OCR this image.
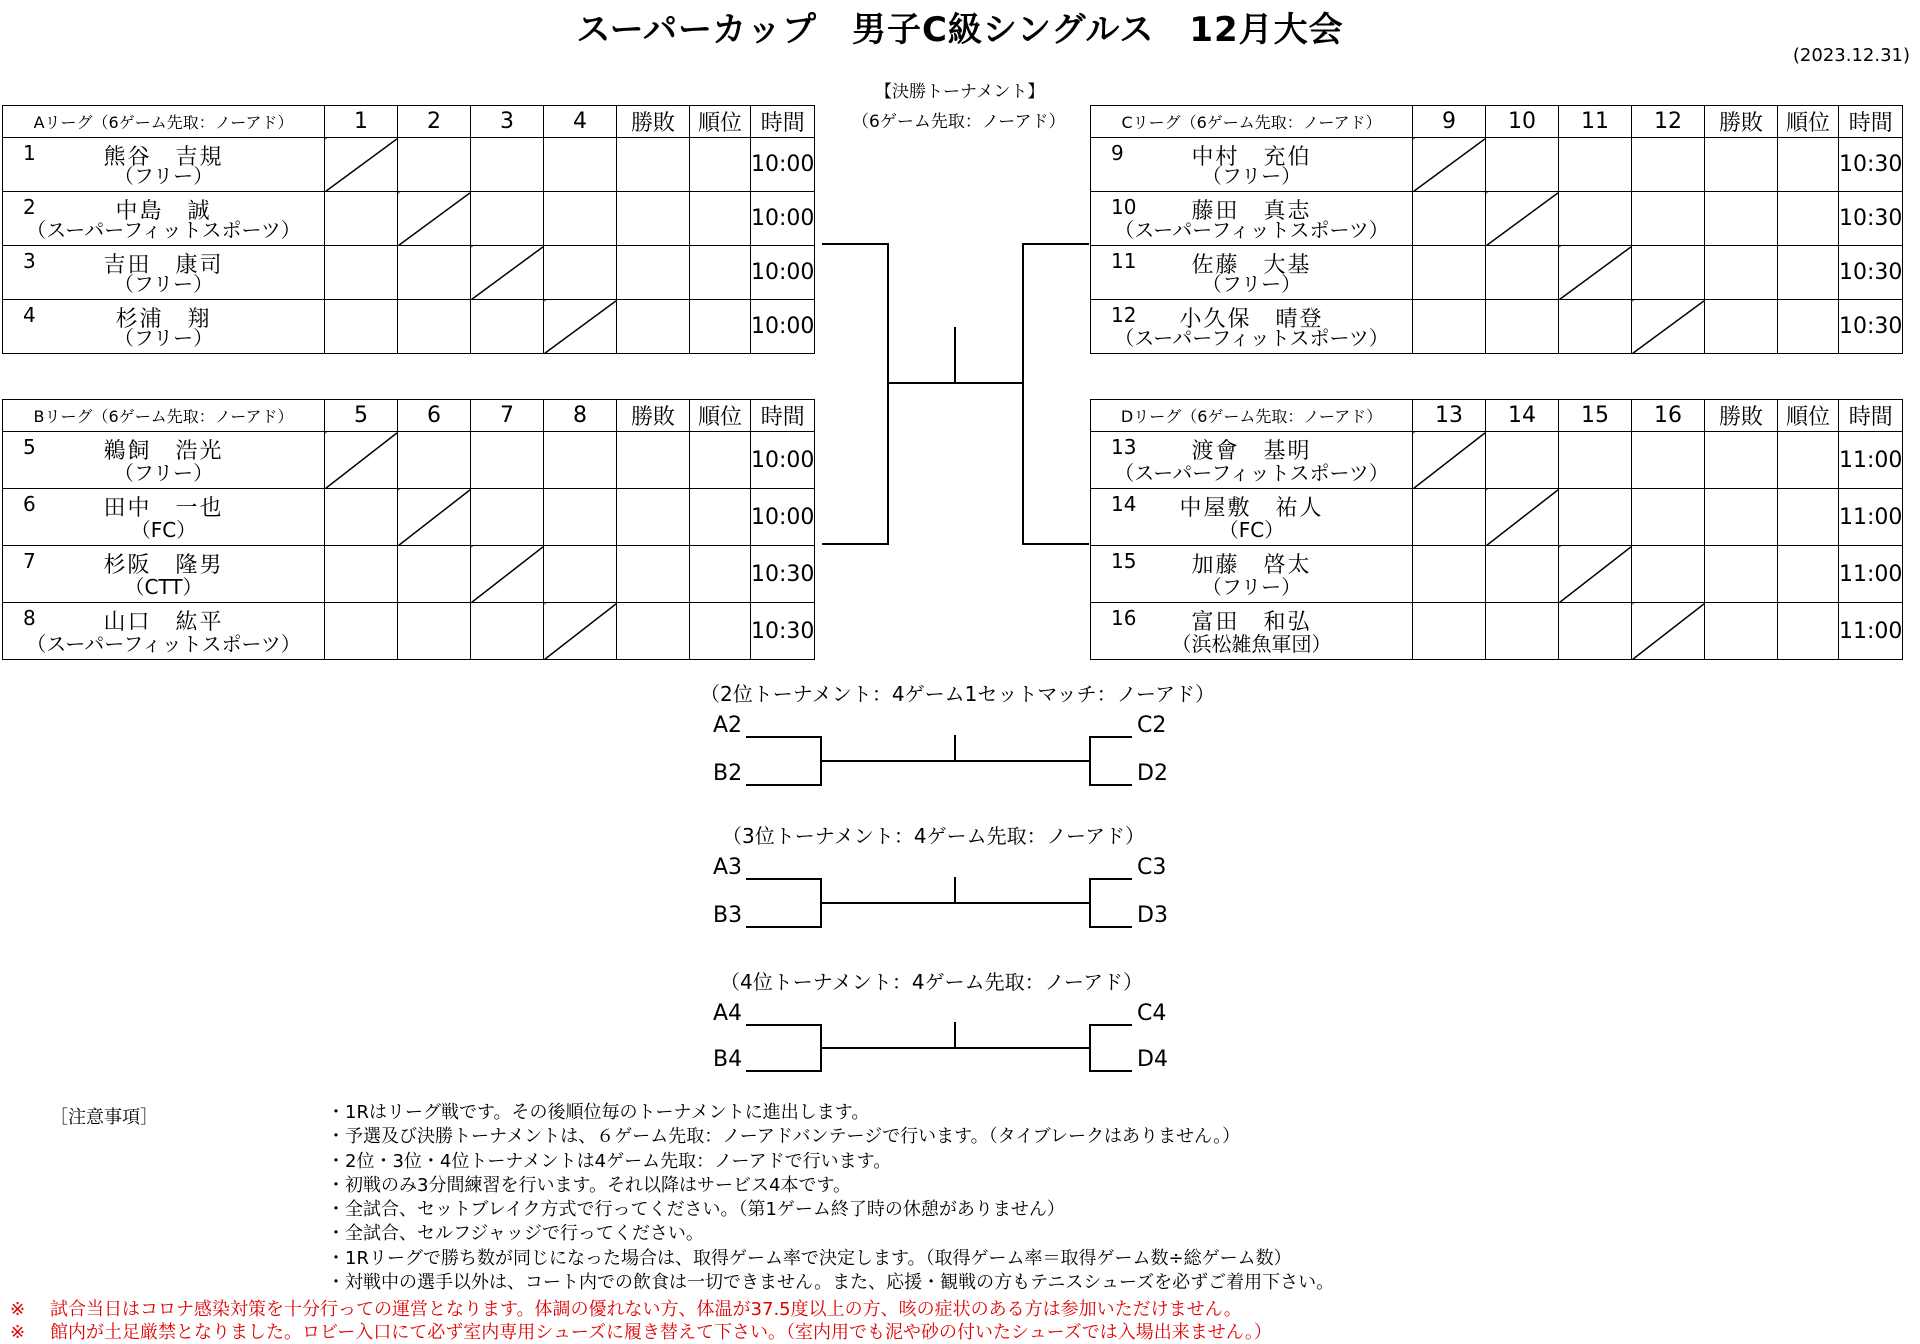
スーパーカップ　男子C級シングルス　12月大会
(2023.12.31)
Aリーグ（6ゲーム先取：ノーアド）	1	2	3	4	勝敗	順位	時間

1 熊谷　吉規
（フリー）							10:00

2 中島　誠
（スーパーフィットスポーツ）							10:00

3 吉田　康司
（フリー）							10:00

4 杉浦　翔
（フリー）							10:00
Bリーグ（6ゲーム先取：ノーアド）	5	6	7	8	勝敗	順位	時間

5 鵜飼　浩光
（フリー）							10:00

6 田中　一也
（FC）							10:00

7 杉阪　隆男
（CTT）							10:30

8 山口　紘平
（スーパーフィットスポーツ）							10:30
Cリーグ（6ゲーム先取：ノーアド）	9	10	11	12	勝敗	順位	時間

9 中村　充伯
（フリー）							10:30

10 藤田　真志
（スーパーフィットスポーツ）							10:30

11 佐藤　大基
（フリー）							10:30

12 小久保　晴登
（スーパーフィットスポーツ）							10:30
Dリーグ（6ゲーム先取：ノーアド）	13	14	15	16	勝敗	順位	時間

13 渡會　基明
（スーパーフィットスポーツ）							11:00

14 中屋敷　祐人
（FC）							11:00

15 加藤　啓太
（フリー）							11:00

16 富田　和弘
（浜松雑魚軍団）							11:00
【決勝トーナメント】
（6ゲーム先取：ノーアド）
（2位トーナメント：4ゲーム1セットマッチ：ノーアド）
A2
B2
C2
D2
（3位トーナメント：4ゲーム先取：ノーアド）
A3
B3
C3
D3
（4位トーナメント：4ゲーム先取：ノーアド）
A4
B4
C4
D4
［注意事項］	・1Rはリーグ戦です。その後順位毎のトーナメントに進出します。
・予選及び決勝トーナメントは、６ゲーム先取：ノーアドバンテージで行います。（タイブレークはありません。）
・2位・3位・4位トーナメントは4ゲーム先取：ノーアドで行います。
・初戦のみ3分間練習を行います。それ以降はサービス4本です。
・全試合、セットブレイク方式で行ってください。（第1ゲーム終了時の休憩がありません）
・全試合、セルフジャッジで行ってください。
・1Rリーグで勝ち数が同じになった場合は、取得ゲーム率で決定します。（取得ゲーム率＝取得ゲーム数÷総ゲーム数）
・対戦中の選手以外は、コート内での飲食は一切できません。また、応援・観戦の方もテニスシューズを必ずご着用下さい。
※ 試合当日はコロナ感染対策を十分行っての運営となります。体調の優れない方、体温が37.5度以上の方、咳の症状のある方は参加いただけません。
※ 館内が土足厳禁となりました。ロビー入口にて必ず室内専用シューズに履き替えて下さい。（室内用でも泥や砂の付いたシューズでは入場出来ません。）
